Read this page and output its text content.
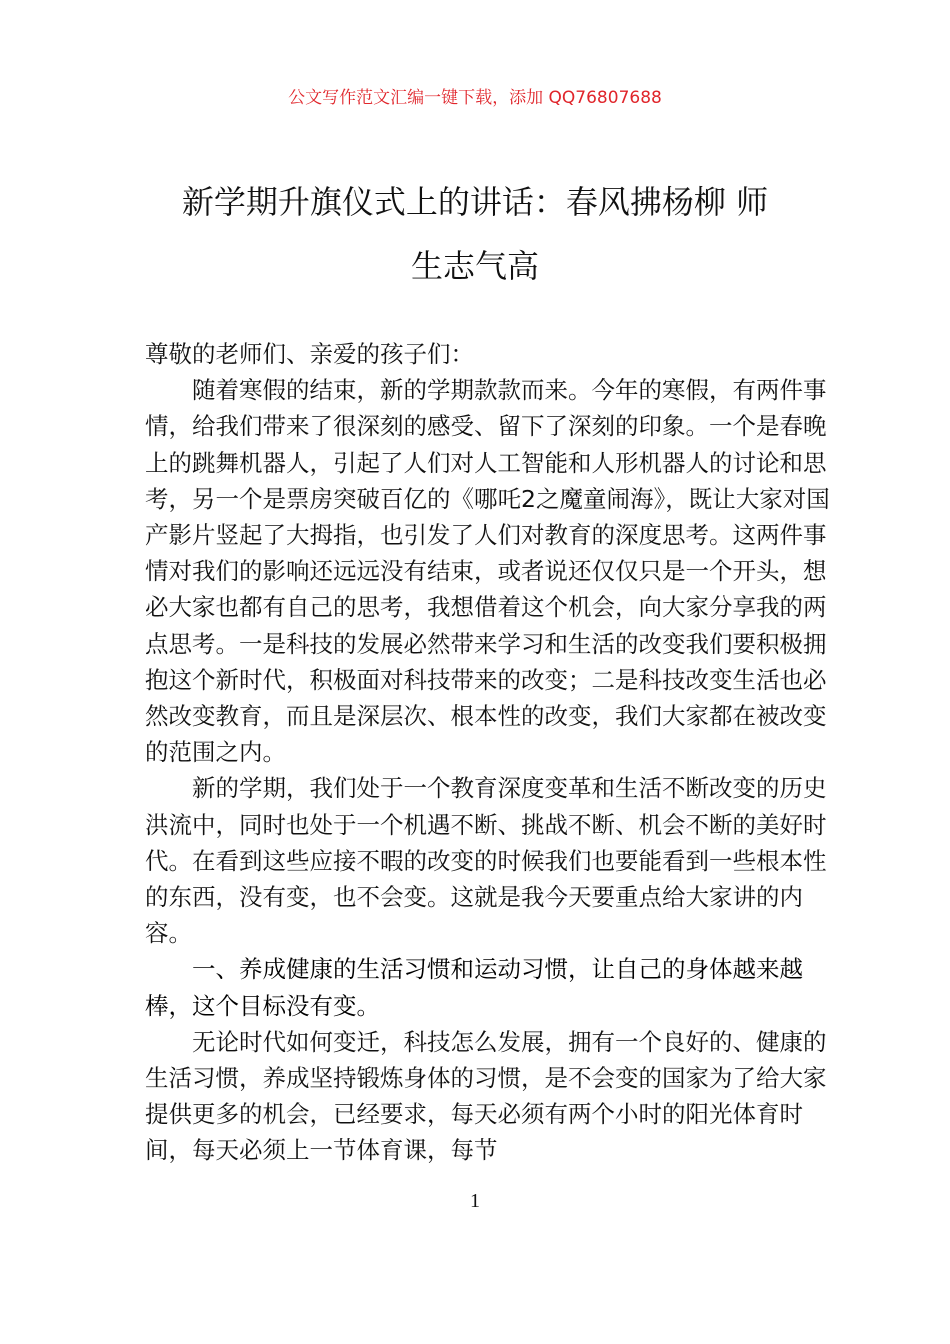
公文写作范文汇编一键下载，添加 QQ76807688
新学期升旗仪式上的讲话：春风拂杨柳 师
生志气高

尊敬的老师们、亲爱的孩子们：

随着寒假的结束，新的学期款款而来。今年的寒假，有两件事情，给我们带来了很深刻的感受、留下了深刻的印象。一个是春晚上的跳舞机器人，引起了人们对人工智能和人形机器人的讨论和思考，另一个是票房突破百亿的《哪吒2之魔童闹海》，既让大家对国产影片竖起了大拇指，也引发了人们对教育的深度思考。这两件事情对我们的影响还远远没有结束，或者说还仅仅只是一个开头，想必大家也都有自己的思考，我想借着这个机会，向大家分享我的两点思考。一是科技的发展必然带来学习和生活的改变我们要积极拥抱这个新时代，积极面对科技带来的改变；二是科技改变生活也必然改变教育，而且是深层次、根本性的改变，我们大家都在被改变的范围之内。

新的学期，我们处于一个教育深度变革和生活不断改变的历史洪流中，同时也处于一个机遇不断、挑战不断、机会不断的美好时代。在看到这些应接不暇的改变的时候我们也要能看到一些根本性的东西，没有变，也不会变。这就是我今天要重点给大家讲的内容。

一、养成健康的生活习惯和运动习惯，让自己的身体越来越棒，这个目标没有变。

无论时代如何变迁，科技怎么发展，拥有一个良好的、健康的生活习惯，养成坚持锻炼身体的习惯，是不会变的国家为了给大家提供更多的机会，已经要求，每天必须有两个小时的阳光体育时间，每天必须上一节体育课，每节

1
